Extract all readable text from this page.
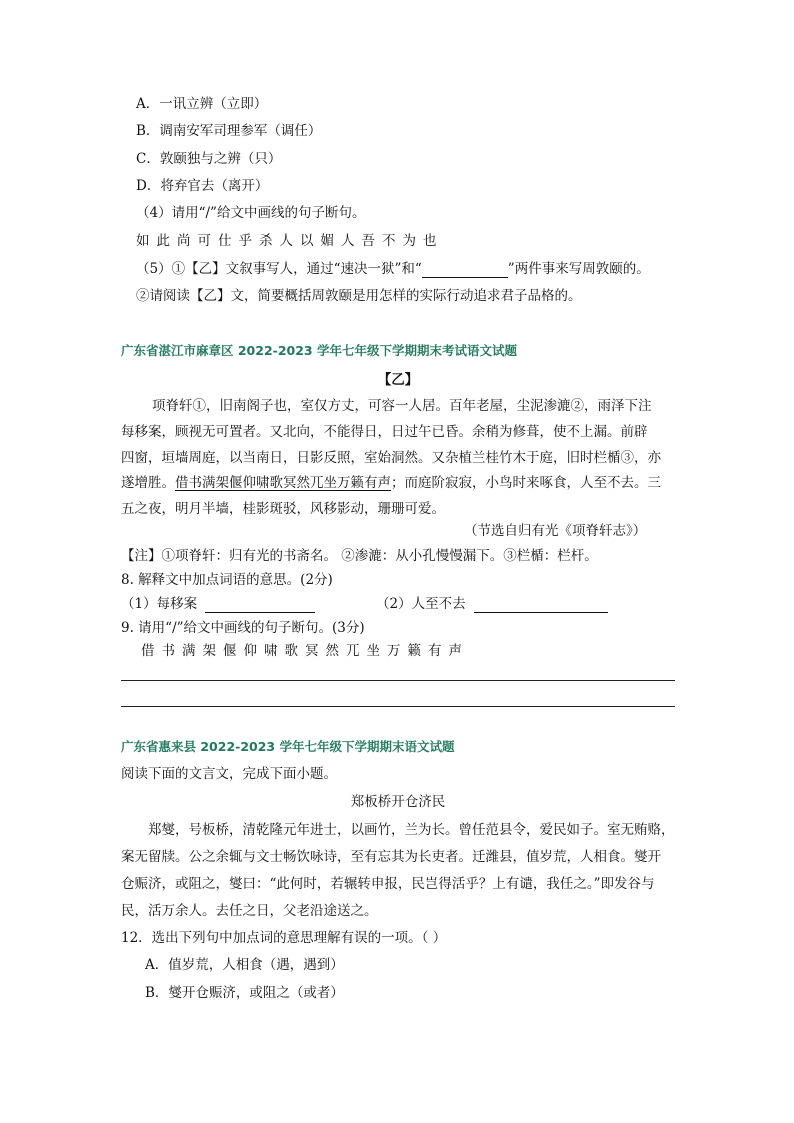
A．一讯立辨（立即）
B．调南安军司理参军（调任）
C．敦颐独与之辨（只）
D．将弃官去（离开）
（4）请用“/”给文中画线的句子断句。
如此尚可仕乎杀人以媚人吾不为也
（5）①【乙】文叙事写人，通过“速决一狱”和“	”两件事来写周敦颐的。
②请阅读【乙】文，简要概括周敦颐是用怎样的实际行动追求君子品格的。
广东省湛江市麻章区 2022-2023 学年七年级下学期期末考试语文试题
【乙】
项脊轩①，旧南阁子也，室仅方丈，可容一人居。百年老屋，尘泥渗漉②，雨泽下注
每移案，顾视无可置者。又北向，不能得日，日过午已昏。余稍为修葺，使不上漏。前辟
四窗，垣墙周庭，以当南日，日影反照，室始洞然。又杂植兰桂竹木于庭，旧时栏楯③，亦
遂增胜。借书满架偃仰啸歌冥然兀坐万籁有声；而庭阶寂寂，小鸟时来啄食，人至不去。三
五之夜，明月半墙，桂影斑驳，风移影动，珊珊可爱。
（节选自归有光《项脊轩志》）
【注】①项脊轩：归有光的书斋名。 ②渗漉：从小孔慢慢漏下。③栏楯：栏杆。
8. 解释文中加点词语的意思。(2分)
（1）每移案	（2）人至不去
9. 请用“/”给文中画线的句子断句。(3分)
借书满架偃仰啸歌冥然兀坐万籁有声
广东省惠来县 2022-2023 学年七年级下学期期末语文试题
阅读下面的文言文，完成下面小题。
郑板桥开仓济民
郑燮，号板桥，清乾隆元年进士，以画竹，兰为长。曾任范县令，爱民如子。室无贿赂，
案无留牍。公之余辄与文士畅饮咏诗，至有忘其为长吏者。迁潍县，值岁荒，人相食。燮开
仓赈济，或阻之，燮曰：“此何时，若辗转申报，民岂得活乎？上有谴，我任之。”即发谷与
民，活万余人。去任之日，父老沿途送之。
12．选出下列句中加点词的意思理解有误的一项。（ ）
A．值岁荒，人相食（遇，遇到）
B．燮开仓赈济，或阻之（或者）
